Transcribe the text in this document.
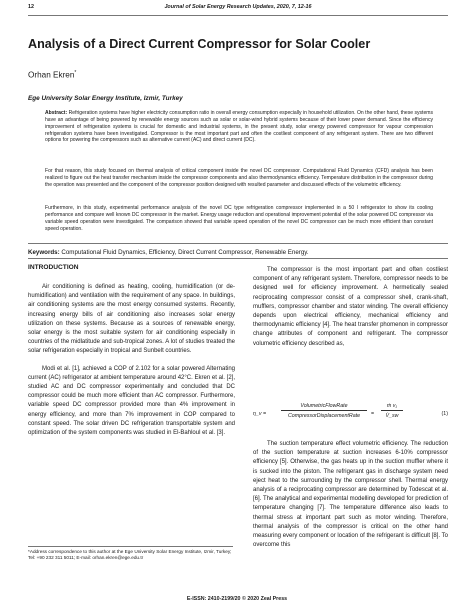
12	Journal of Solar Energy Research Updates, 2020, 7, 12-16
Analysis of a Direct Current Compressor for Solar Cooler
Orhan Ekren*
Ege University Solar Energy Institute, Izmir, Turkey

Abstract: Refrigeration systems have higher electricity consumption ratio in overall energy consumption especially in household utilization. On the other hand, these systems have an advantage of being powered by renewable energy sources such as solar or solar-wind hybrid systems because of their lower power demand. Since the efficiency improvement of refrigeration systems is crucial for domestic and industrial systems, in the present study, solar energy powered compressor for vapour compression refrigeration systems have been investigated. Compressor is the most important part and often the costliest component of any refrigerant system. There are two different options for powering the compressors such as alternative current (AC) and direct current (DC).

For that reason, this study focused on thermal analysis of critical component inside the novel DC compressor. Computational Fluid Dynamics (CFD) analysis has been realized to figure out the heat transfer mechanism inside the compressor components and also thermodynamics efficiency. Temperature distribution in the compressor during the operation was presented and the component of the compressor position designed with resulted parameter and discussed effects of the volumetric efficiency.

Furthermore, in this study, experimental performance analysis of the novel DC type refrigeration compressor implemented in a 50 l refrigerator to show its cooling performance and compare well known DC compressor in the market. Energy usage reduction and operational improvement potential of the solar powered DC compressor via variable speed operation were investigated. The comparison showed that variable speed operation of the novel DC compressor can be much more efficient than constant speed operation.

Keywords: Computational Fluid Dynamics, Efficiency, Direct Current Compressor, Renewable Energy.
INTRODUCTION

Air conditioning is defined as heating, cooling, humidification (or de-humidification) and ventilation with the requirement of any space. In buildings, air conditioning systems are the most energy consumed systems. Recently, increasing energy bills of air conditioning also increases solar energy utilization on these systems. Because as a sources of renewable energy, solar energy is the most suitable system for air conditioning especially in countries of the midlatitude and sub-tropical zones. A lot of studies treated the solar refrigeration especially in tropical and Sunbelt countries.

Modi et al. [1], achieved a COP of 2.102 for a solar powered Alternating current (AC) refrigerator at ambient temperature around 42°C. Ekren et al. [2], studied AC and DC compressor experimentally and concluded that DC compressor could be much more efficient than AC compressor. Furthermore, variable speed DC compressor provided more than 4% improvement in energy efficiency, and more than 7% improvement in COP compared to constant speed. The solar driven DC refrigeration transportable system and optimization of the system components was studied in El-Bahloul et al. [3].

The compressor is the most important part and often costliest component of any refrigerant system. Therefore, compressor needs to be designed well for efficiency improvement. A hermetically sealed reciprocating compressor consist of a compressor shell, crank-shaft, mufflers, compressor chamber and stator winding. The overall efficiency depends upon electrical efficiency, mechanical efficiency and thermodynamic efficiency [4]. The heat transfer phomenon in compressor change attributes of component and refrigerant. The compressor volumetric efficiency described as,

η_v =
VolumetricFlowRate
CompressorDisplacementRate	= $\frac{\text{ṁ v₁}}{V̇\_sw}$	(1)

The suction temperature effect volumetric efficiency. The reduction of the suction temperature at suction increases 6-10% compressor efficiency [5]. Otherwise, the gas heats up in the suction muffler where it is sucked into the piston. The refrigerant gas in discharge system need eject heat to the surrounding by the compressor shell. Thermal energy analysis of a reciprocating compressor are determined by Todescat et al. [6]. The analytical and experimental modelling developed for prediction of temperature changing [7]. The temperature difference also leads to thermal stress at important part such as motor winding. Therefore, thermal analysis of the compressor is critical on the other hand measuring every component or location of the refrigerant is difficult [8]. To overcome this

*Address correspondence to this author at the Ege University Solar Energy Institute, Izmir, Turkey; Tel: +90 232 311 5011; E-mail: orhan.ekren@ege.edu.tr
E-ISSN: 2410-2199/20 © 2020 Zeal Press
